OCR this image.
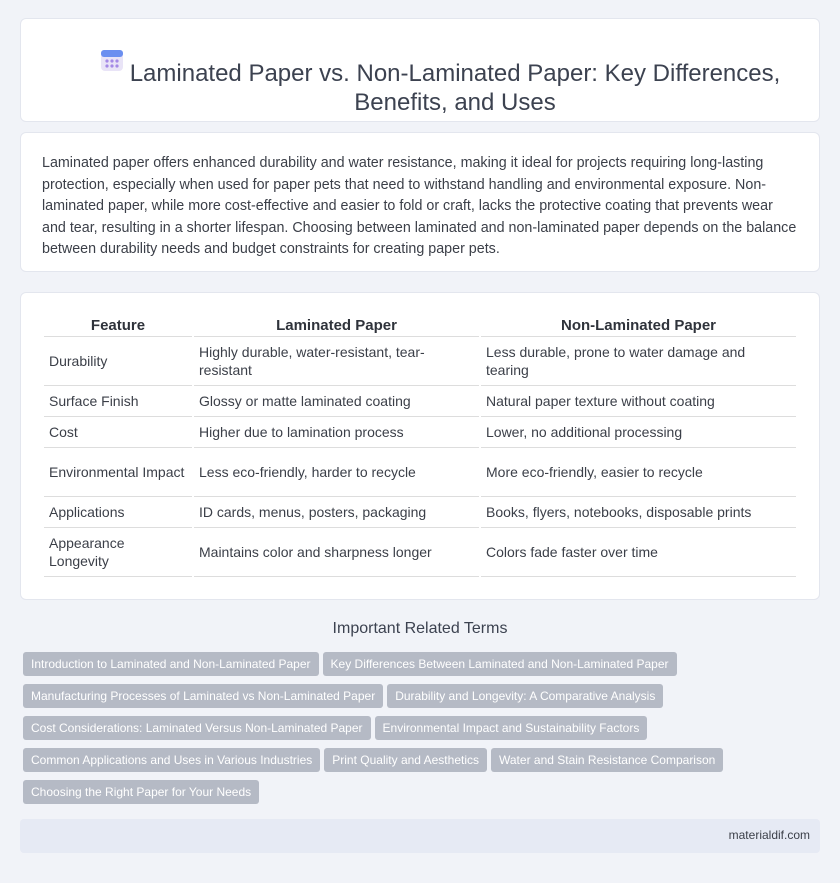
Laminated Paper vs. Non-Laminated Paper: Key Differences, Benefits, and Uses

Laminated paper offers enhanced durability and water resistance, making it ideal for projects requiring long-lasting protection, especially when used for paper pets that need to withstand handling and environmental exposure. Non-laminated paper, while more cost-effective and easier to fold or craft, lacks the protective coating that prevents wear and tear, resulting in a shorter lifespan. Choosing between laminated and non-laminated paper depends on the balance between durability needs and budget constraints for creating paper pets.

Feature	Laminated Paper	Non-Laminated Paper
Durability	Highly durable, water-resistant, tear-resistant	Less durable, prone to water damage and tearing
Surface Finish	Glossy or matte laminated coating	Natural paper texture without coating
Cost	Higher due to lamination process	Lower, no additional processing
Environmental Impact	Less eco-friendly, harder to recycle	More eco-friendly, easier to recycle
Applications	ID cards, menus, posters, packaging	Books, flyers, notebooks, disposable prints
Appearance Longevity	Maintains color and sharpness longer	Colors fade faster over time
Important Related Terms
Introduction to Laminated and Non-Laminated Paper Key Differences Between Laminated and Non-Laminated Paper
Manufacturing Processes of Laminated vs Non-Laminated Paper Durability and Longevity: A Comparative Analysis
Cost Considerations: Laminated Versus Non-Laminated Paper Environmental Impact and Sustainability Factors
Common Applications and Uses in Various Industries Print Quality and Aesthetics Water and Stain Resistance Comparison
Choosing the Right Paper for Your Needs
materialdif.com
